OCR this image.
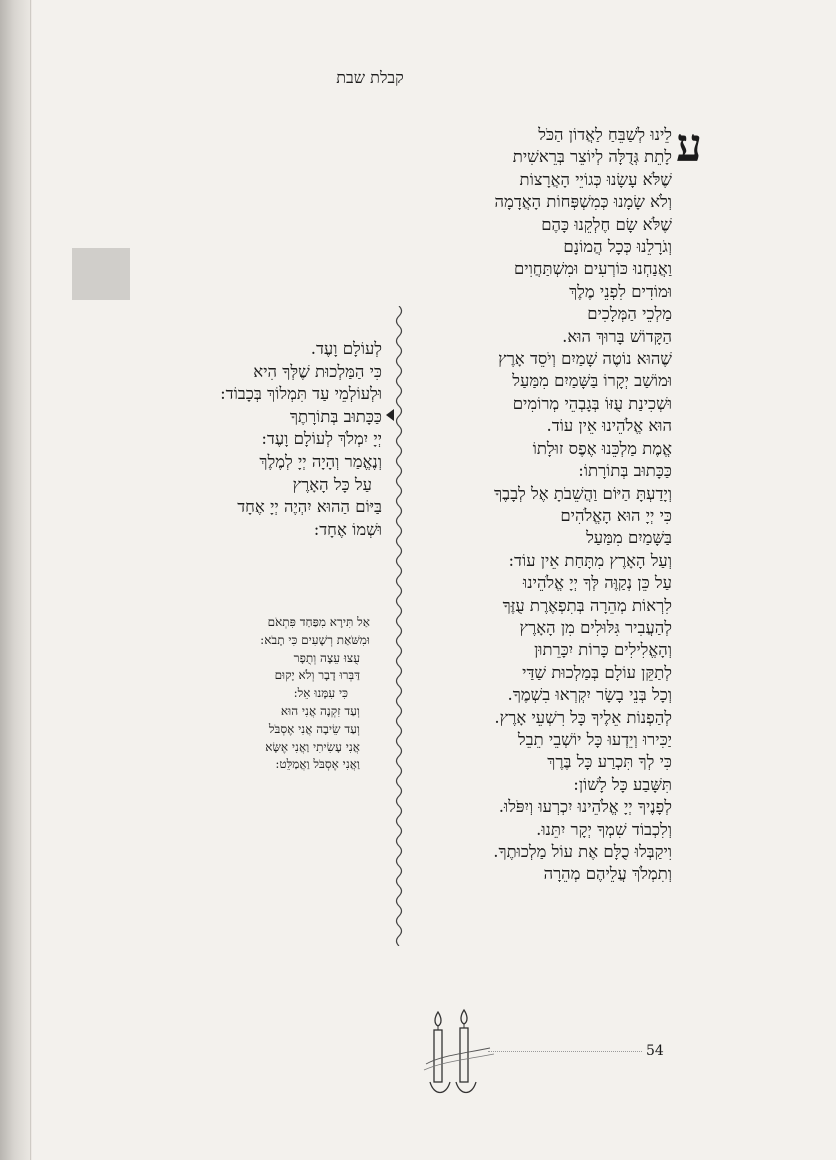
קבלת שבת
ע
לֵינוּ לְשַׁבֵּחַ לַאֲדוֹן הַכֹּל
לָתֵת גְּדֻלָּה לְיוֹצֵר בְּרֵאשִׁית
שֶׁלֹּא עָשָׂנוּ כְּגוֹיֵי הָאֲרָצוֹת
וְלֹא שָׂמָנוּ כְּמִשְׁפְּחוֹת הָאֲדָמָה
שֶׁלֹּא שָׂם חֶלְקֵנוּ כָּהֶם
וְגֹרָלֵנוּ כְּכָל הֲמוֹנָם
וַאֲנַחְנוּ כּוֹרְעִים וּמִשְׁתַּחֲוִים
וּמוֹדִים לִפְנֵי מֶלֶךְ
מַלְכֵי הַמְּלָכִים
הַקָּדוֹשׁ בָּרוּךְ הוּא.
שֶׁהוּא נוֹטֶה שָׁמַיִם וְיֹסֵד אָרֶץ
וּמוֹשַׁב יְקָרוֹ בַּשָּׁמַיִם מִמַּעַל
וּשְׁכִינַת עֻזּוֹ בְּגָבְהֵי מְרוֹמִים
הוּא אֱלֹהֵינוּ אֵין עוֹד.
אֱמֶת מַלְכֵּנוּ אֶפֶס זוּלָתוֹ
כַּכָּתוּב בְּתוֹרָתוֹ:
וְיָדַעְתָּ הַיּוֹם וַהֲשֵׁבֹתָ אֶל לְבָבֶךָ
כִּי יְיָ הוּא הָאֱלֹהִים
בַּשָּׁמַיִם מִמַּעַל
וְעַל הָאָרֶץ מִתָּחַת אֵין עוֹד:
עַל כֵּן נְקַוֶּה לְּךָ יְיָ אֱלֹהֵינוּ
לִרְאוֹת מְהֵרָה בְּתִפְאֶרֶת עֻזֶּךָ
לְהַעֲבִיר גִּלּוּלִים מִן הָאָרֶץ
וְהָאֱלִילִים כָּרוֹת יִכָּרֵתוּן
לְתַקֵּן עוֹלָם בְּמַלְכוּת שַׁדַּי
וְכָל בְּנֵי בָשָׂר יִקְרְאוּ בִשְׁמֶךָ.
לְהַפְנוֹת אֵלֶיךָ כָּל רִשְׁעֵי אָרֶץ.
יַכִּירוּ וְיֵדְעוּ כָּל יוֹשְׁבֵי תֵבֵל
כִּי לְךָ תִּכְרַע כָּל בֶּרֶךְ
תִּשָּׁבַע כָּל לָשׁוֹן:
לְפָנֶיךָ יְיָ אֱלֹהֵינוּ יִכְרְעוּ וְיִפֹּלוּ.
וְלִכְבוֹד שִׁמְךָ יְקָר יִתֵּנוּ.
וִיקַבְּלוּ כֻלָּם אֶת עוֹל מַלְכוּתֶךָ.
וְתִמְלֹךְ עֲלֵיהֶם מְהֵרָה
לְעוֹלָם וָעֶד.
כִּי הַמַּלְכוּת שֶׁלְּךָ הִיא
וּלְעוֹלְמֵי עַד תִּמְלוֹךְ בְּכָבוֹד:
כַּכָּתוּב בְּתוֹרָתֶךָ
יְיָ יִמְלֹךְ לְעוֹלָם וָעֶד:
וְנֶאֱמַר וְהָיָה יְיָ לְמֶלֶךְ
עַל כָּל הָאָרֶץ
בַּיּוֹם הַהוּא יִהְיֶה יְיָ אֶחָד
וּשְׁמוֹ אֶחָד:
אַל תִּירָא מִפַּחַד פִּתְאֹם
וּמִשֹּׁאַת רְשָׁעִים כִּי תָבֹא:
עֻצוּ עֵצָה וְתֻפָר
דַּבְּרוּ דָבָר וְלֹא יָקוּם
כִּי עִמָּנוּ אֵל:
וְעַד זִקְנָה אֲנִי הוּא
וְעַד שֵׂיבָה אֲנִי אֶסְבֹּל
אֲנִי עָשִׂיתִי וַאֲנִי אֶשָּׂא
וַאֲנִי אֶסְבֹּל וַאֲמַלֵּט:
54
